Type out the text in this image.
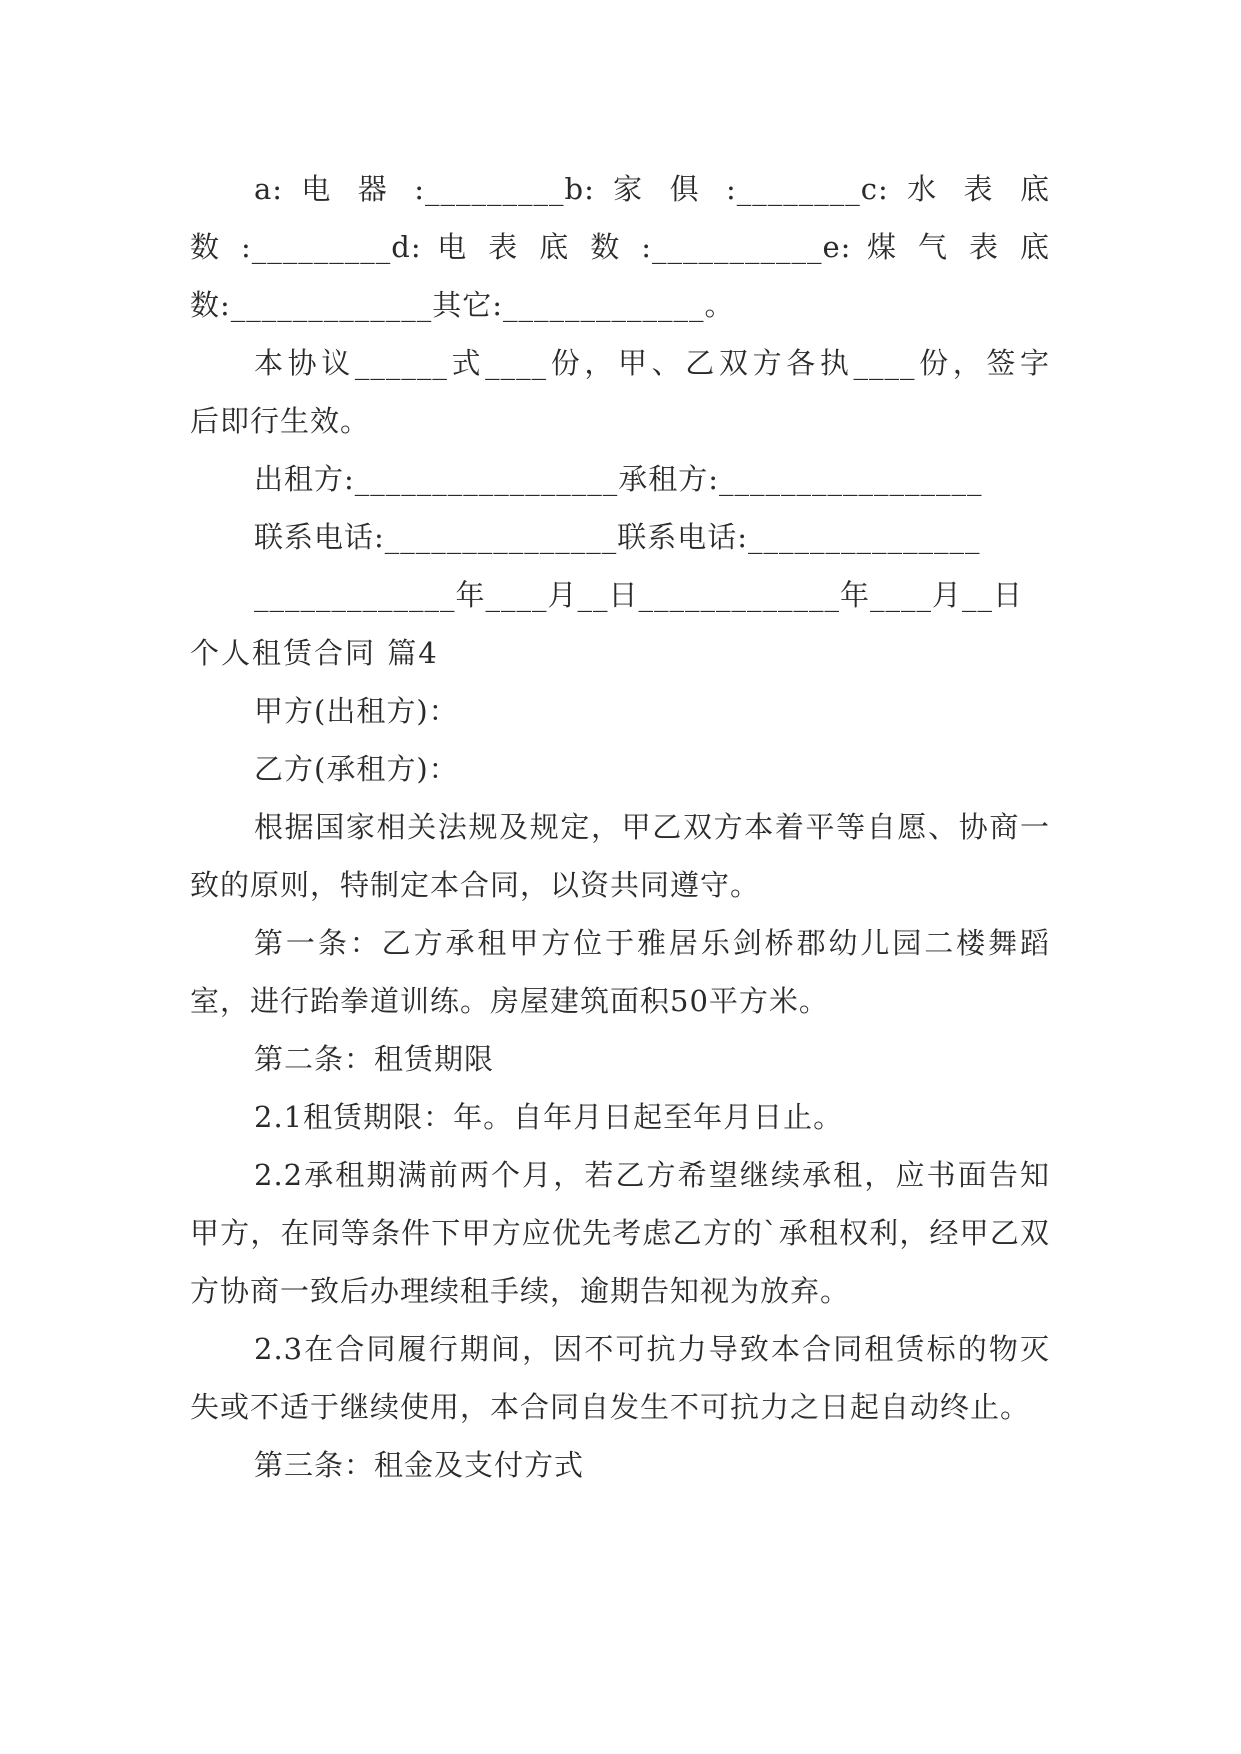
a: 电 器 :_________b: 家 俱 :________c: 水 表 底

数 :_________d: 电 表 底 数 :___________e: 煤 气 表 底

数:_____________其它:_____________。

本协议______式____份，甲、乙双方各执____份，签字

后即行生效。

出租方:_________________承租方:_________________

联系电话:_______________联系电话:_______________

_____________年____月__日_____________年____月__日

个人租赁合同 篇4

甲方(出租方)：

乙方(承租方)：

根据国家相关法规及规定，甲乙双方本着平等自愿、协商一致的原则，特制定本合同，以资共同遵守。

第一条：乙方承租甲方位于雅居乐剑桥郡幼儿园二楼舞蹈室，进行跆拳道训练。房屋建筑面积50平方米。

第二条：租赁期限

2.1租赁期限：年。自年月日起至年月日止。

2.2承租期满前两个月，若乙方希望继续承租，应书面告知甲方，在同等条件下甲方应优先考虑乙方的`承租权利，经甲乙双方协商一致后办理续租手续，逾期告知视为放弃。

2.3在合同履行期间，因不可抗力导致本合同租赁标的物灭失或不适于继续使用，本合同自发生不可抗力之日起自动终止。

第三条：租金及支付方式
